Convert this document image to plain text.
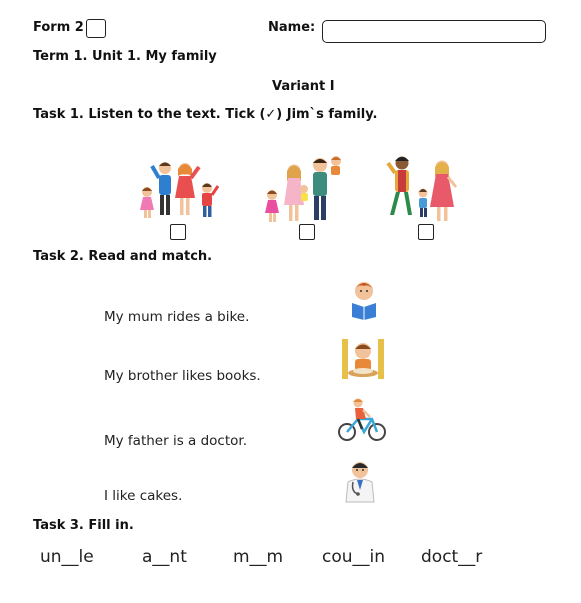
Form 2	Name:
Term 1. Unit 1. My family
Variant I
Task 1. Listen to the text. Tick (✓) Jim`s family.
Task 2. Read and match.
My mum rides a bike.
My brother likes books.
My father is a doctor.
I like cakes.
Task 3. Fill in.
un__le	a__nt	m__m cou__in doct__r
